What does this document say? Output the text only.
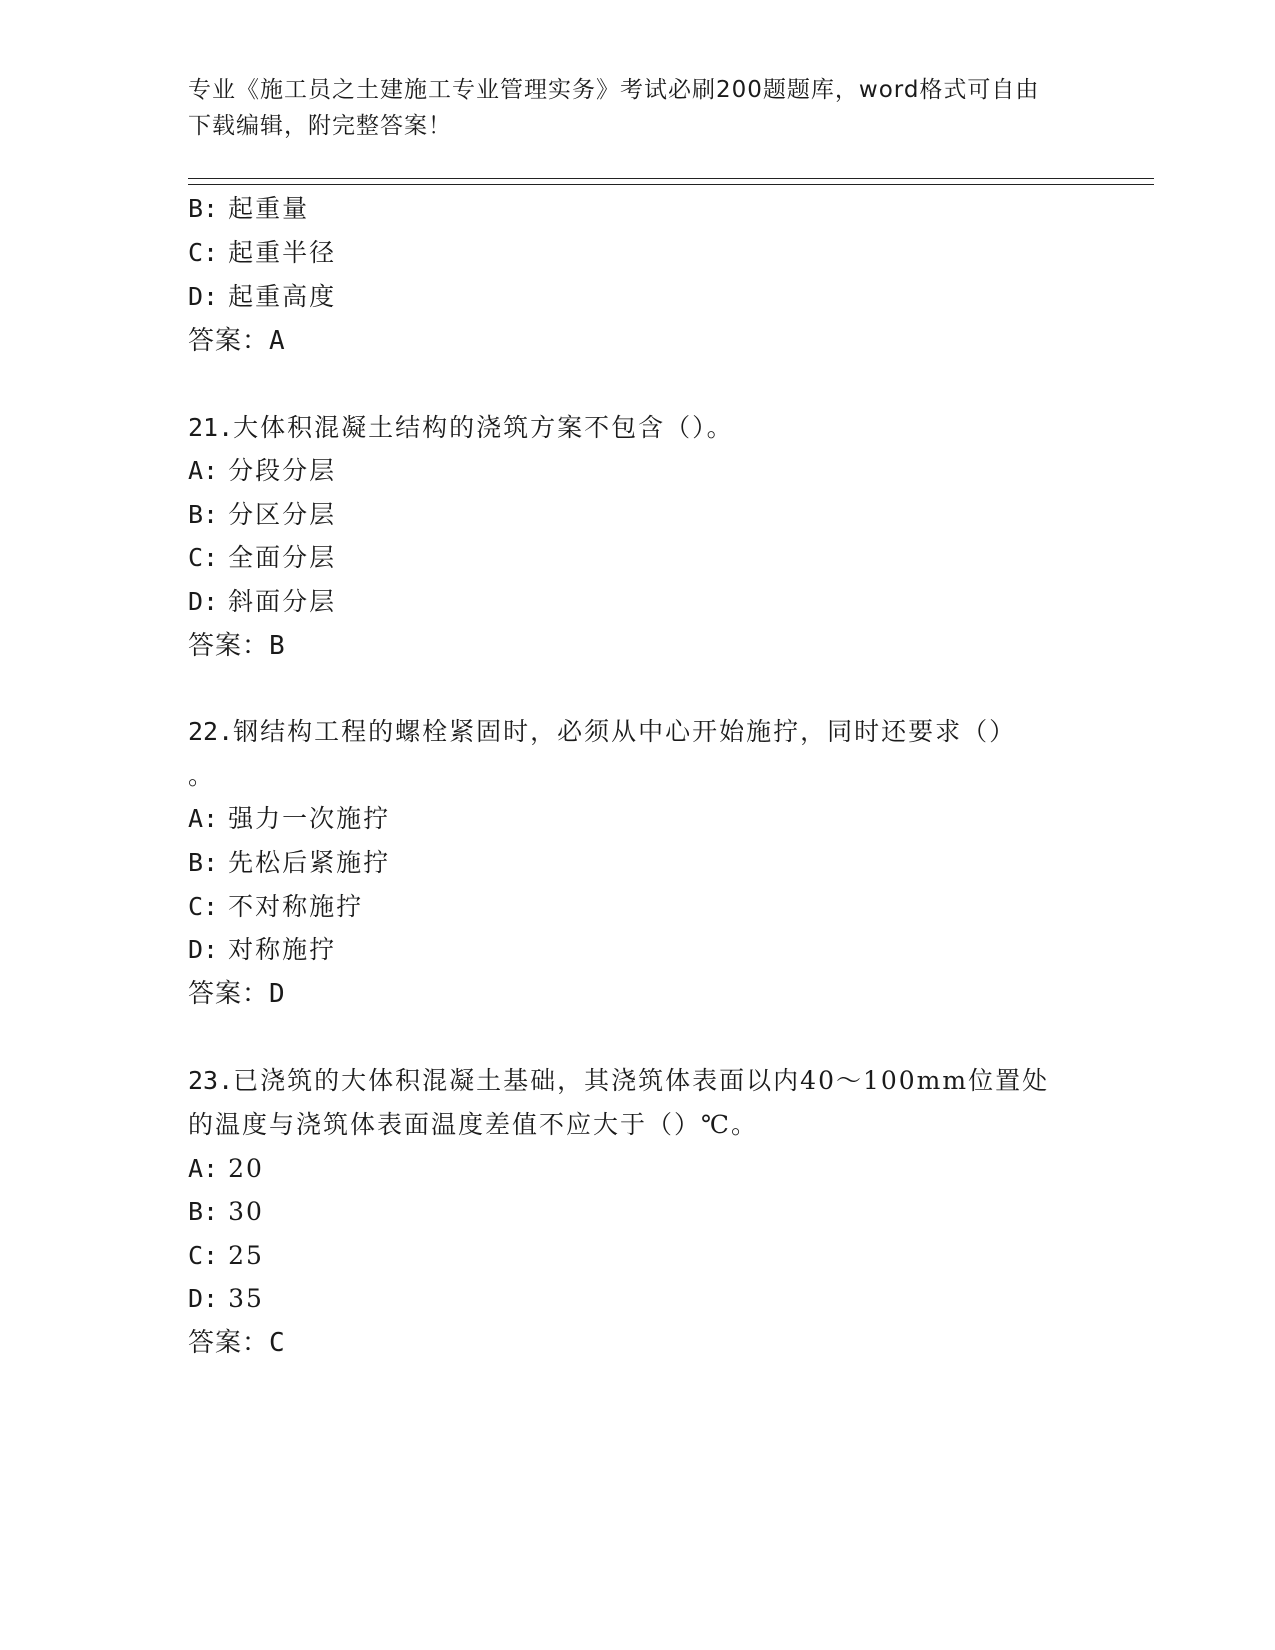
专业《施工员之土建施工专业管理实务》考试必刷200题题库，word格式可自由
下载编辑，附完整答案！
B: 起重量
C: 起重半径
D: 起重高度
答案：A
21.大体积混凝土结构的浇筑方案不包含（）。
A: 分段分层
B: 分区分层
C: 全面分层
D: 斜面分层
答案：B
22.钢结构工程的螺栓紧固时，必须从中心开始施拧，同时还要求（）
。
A: 强力一次施拧
B: 先松后紧施拧
C: 不对称施拧
D: 对称施拧
答案：D
23.已浇筑的大体积混凝土基础，其浇筑体表面以内40～100mm位置处
的温度与浇筑体表面温度差值不应大于（）℃。
A: 20
B: 30
C: 25
D: 35
答案：C
